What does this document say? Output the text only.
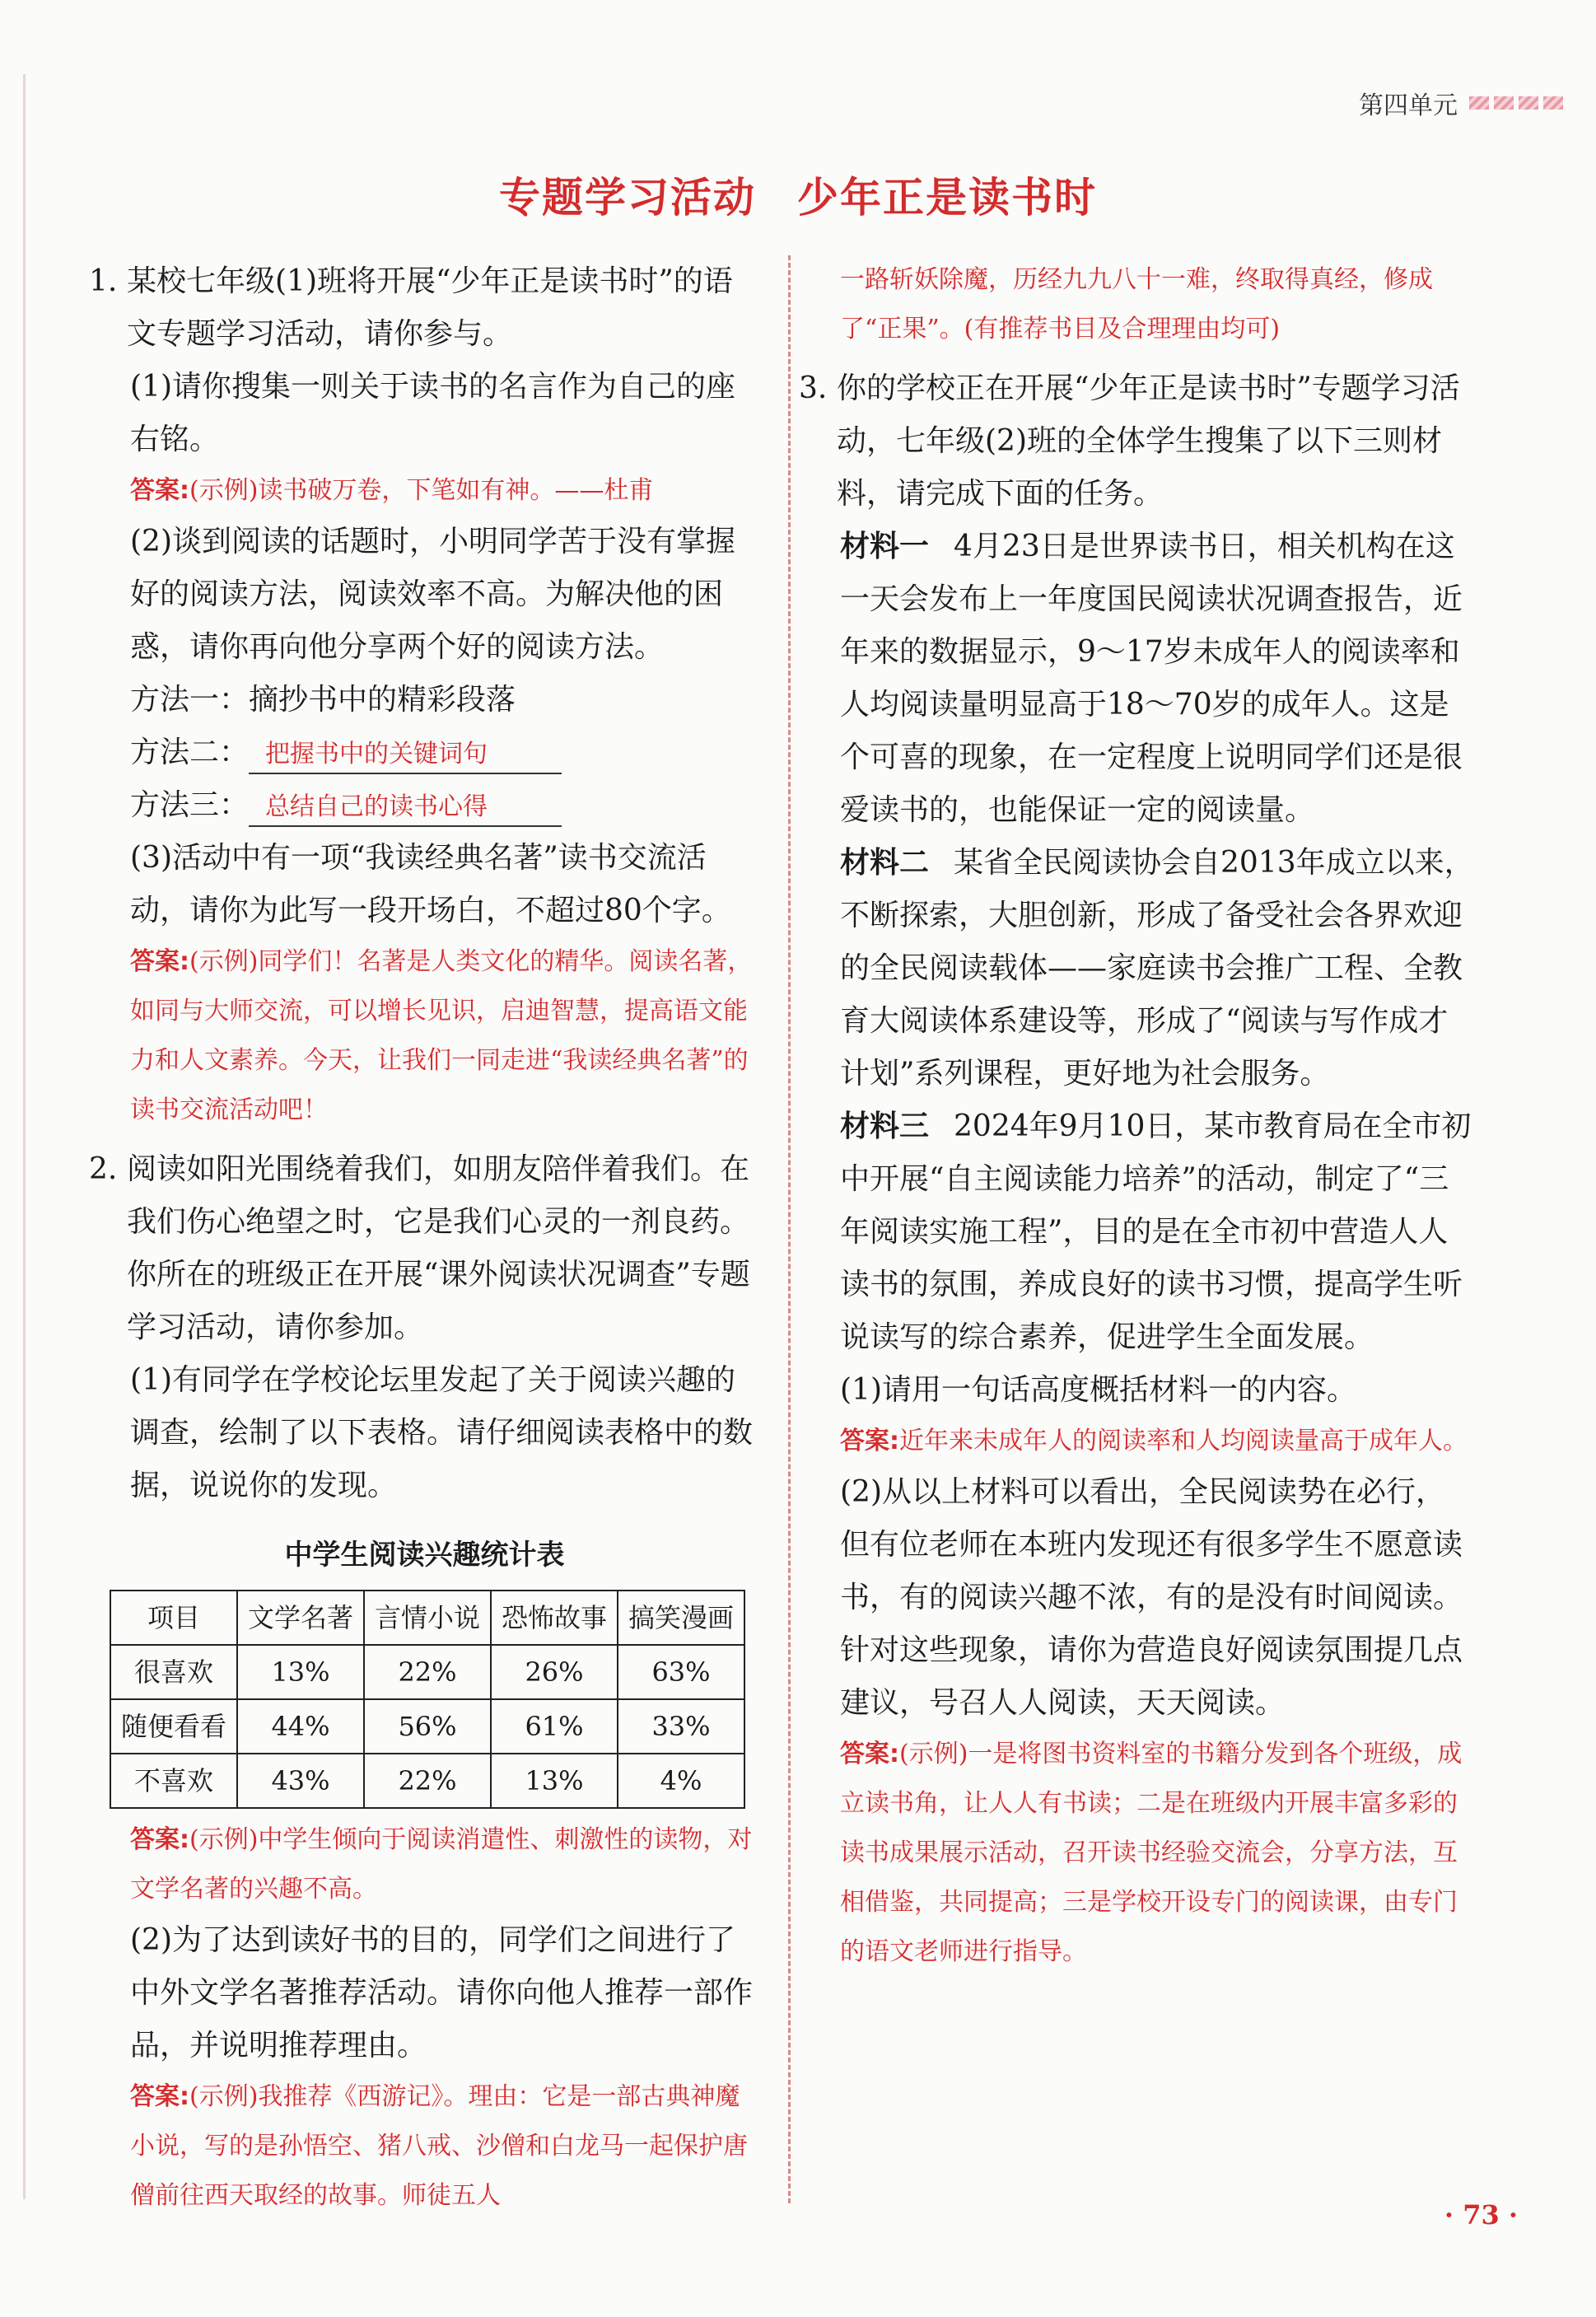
第四单元
专题学习活动 少年正是读书时
1. 某校七年级(1)班将开展“少年正是读书时”的语文专题学习活动，请你参与。

(1)请你搜集一则关于读书的名言作为自己的座右铭。

答案:(示例)读书破万卷，下笔如有神。——杜甫

(2)谈到阅读的话题时，小明同学苦于没有掌握好的阅读方法，阅读效率不高。为解决他的困惑，请你再向他分享两个好的阅读方法。

方法一：摘抄书中的精彩段落

方法二： 把握书中的关键词句

方法三： 总结自己的读书心得

(3)活动中有一项“我读经典名著”读书交流活动，请你为此写一段开场白，不超过80个字。

答案:(示例)同学们！名著是人类文化的精华。阅读名著，如同与大师交流，可以增长见识，启迪智慧，提高语文能力和人文素养。今天，让我们一同走进“我读经典名著”的读书交流活动吧！

2. 阅读如阳光围绕着我们，如朋友陪伴着我们。在我们伤心绝望之时，它是我们心灵的一剂良药。你所在的班级正在开展“课外阅读状况调查”专题学习活动，请你参加。

(1)有同学在学校论坛里发起了关于阅读兴趣的调查，绘制了以下表格。请仔细阅读表格中的数据，说说你的发现。

中学生阅读兴趣统计表
项目	文学名著	言情小说	恐怖故事	搞笑漫画
很喜欢	13%	22%	26%	63%
随便看看	44%	56%	61%	33%
不喜欢	43%	22%	13%	4%

答案:(示例)中学生倾向于阅读消遣性、刺激性的读物，对文学名著的兴趣不高。

(2)为了达到读好书的目的，同学们之间进行了中外文学名著推荐活动。请你向他人推荐一部作品，并说明推荐理由。

答案:(示例)我推荐《西游记》。理由：它是一部古典神魔小说，写的是孙悟空、猪八戒、沙僧和白龙马一起保护唐僧前往西天取经的故事。师徒五人

一路斩妖除魔，历经九九八十一难，终取得真经，修成了“正果”。(有推荐书目及合理理由均可)

3. 你的学校正在开展“少年正是读书时”专题学习活动，七年级(2)班的全体学生搜集了以下三则材料，请完成下面的任务。

材料一 4月23日是世界读书日，相关机构在这一天会发布上一年度国民阅读状况调查报告，近年来的数据显示，9～17岁未成年人的阅读率和人均阅读量明显高于18～70岁的成年人。这是个可喜的现象，在一定程度上说明同学们还是很爱读书的，也能保证一定的阅读量。

材料二 某省全民阅读协会自2013年成立以来，不断探索，大胆创新，形成了备受社会各界欢迎的全民阅读载体——家庭读书会推广工程、全教育大阅读体系建设等，形成了“阅读与写作成才计划”系列课程，更好地为社会服务。

材料三 2024年9月10日，某市教育局在全市初中开展“自主阅读能力培养”的活动，制定了“三年阅读实施工程”，目的是在全市初中营造人人读书的氛围，养成良好的读书习惯，提高学生听说读写的综合素养，促进学生全面发展。

(1)请用一句话高度概括材料一的内容。

答案:近年来未成年人的阅读率和人均阅读量高于成年人。

(2)从以上材料可以看出，全民阅读势在必行，但有位老师在本班内发现还有很多学生不愿意读书，有的阅读兴趣不浓，有的是没有时间阅读。针对这些现象，请你为营造良好阅读氛围提几点建议，号召人人阅读，天天阅读。

答案:(示例)一是将图书资料室的书籍分发到各个班级，成立读书角，让人人有书读；二是在班级内开展丰富多彩的读书成果展示活动，召开读书经验交流会，分享方法，互相借鉴，共同提高；三是学校开设专门的阅读课，由专门的语文老师进行指导。

· 73 ·
